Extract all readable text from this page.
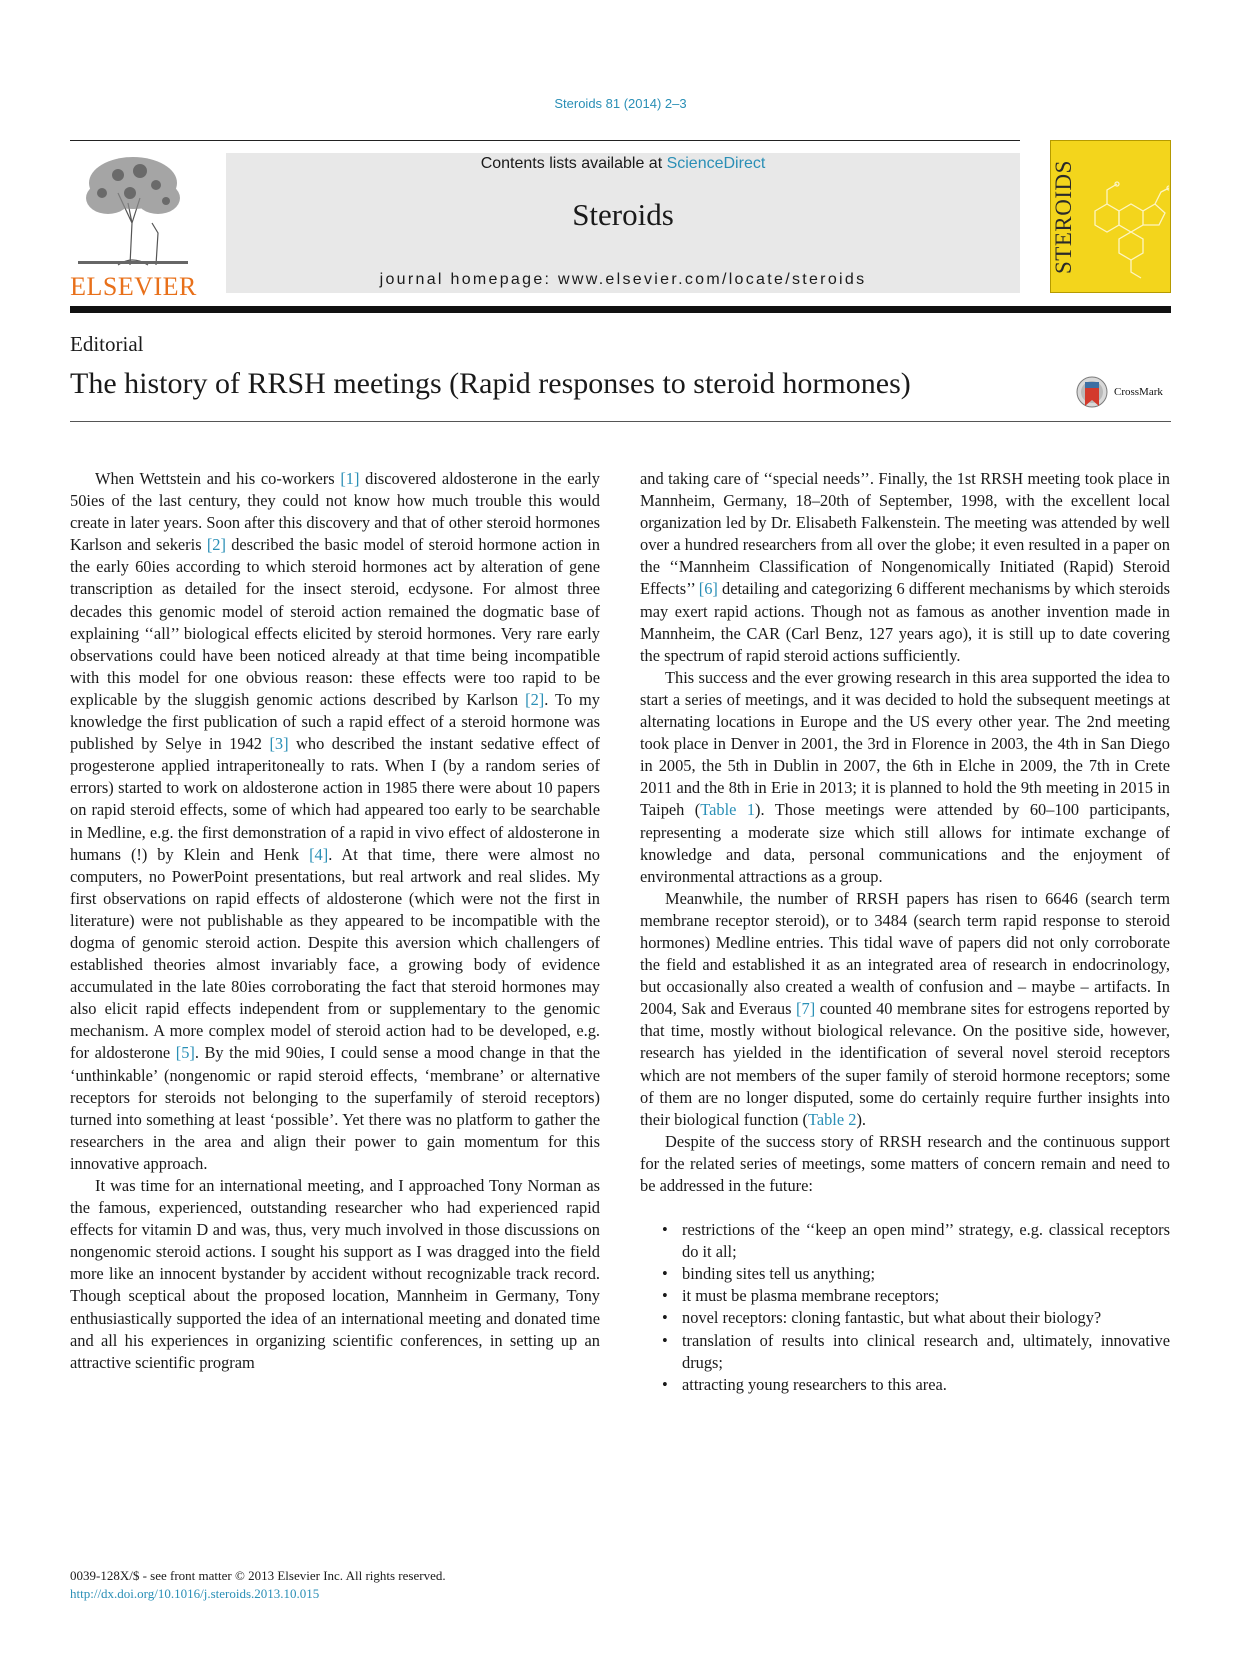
Steroids 81 (2014) 2–3
ELSEVIER
Contents lists available at ScienceDirect
Steroids
journal homepage: www.elsevier.com/locate/steroids
STEROIDS
Editorial
The history of RRSH meetings (Rapid responses to steroid hormones)	CrossMark

When Wettstein and his co-workers [1] discovered aldosterone in the early 50ies of the last century, they could not know how much trouble this would create in later years. Soon after this discovery and that of other steroid hormones Karlson and sekeris [2] described the basic model of steroid hormone action in the early 60ies according to which steroid hormones act by alteration of gene transcription as detailed for the insect steroid, ecdysone. For almost three decades this genomic model of steroid action remained the dogmatic base of explaining ‘‘all’’ biological effects elicited by steroid hormones. Very rare early observations could have been noticed already at that time being incompatible with this model for one obvious reason: these effects were too rapid to be explicable by the sluggish genomic actions described by Karlson [2]. To my knowledge the first publication of such a rapid effect of a steroid hormone was published by Selye in 1942 [3] who described the instant sedative effect of progesterone applied intraperitoneally to rats. When I (by a random series of errors) started to work on aldosterone action in 1985 there were about 10 papers on rapid steroid effects, some of which had appeared too early to be searchable in Medline, e.g. the first demonstration of a rapid in vivo effect of aldosterone in humans (!) by Klein and Henk [4]. At that time, there were almost no computers, no PowerPoint presentations, but real artwork and real slides. My first observations on rapid effects of aldosterone (which were not the first in literature) were not publishable as they appeared to be incompatible with the dogma of genomic steroid action. Despite this aversion which challengers of established theories almost invariably face, a growing body of evidence accumulated in the late 80ies corroborating the fact that steroid hormones may also elicit rapid effects independent from or supplementary to the genomic mechanism. A more complex model of steroid action had to be developed, e.g. for aldosterone [5]. By the mid 90ies, I could sense a mood change in that the ‘unthinkable’ (nongenomic or rapid steroid effects, ‘membrane’ or alternative receptors for steroids not belonging to the superfamily of steroid receptors) turned into something at least ‘possible’. Yet there was no platform to gather the researchers in the area and align their power to gain momentum for this innovative approach.

It was time for an international meeting, and I approached Tony Norman as the famous, experienced, outstanding researcher who had experienced rapid effects for vitamin D and was, thus, very much involved in those discussions on nongenomic steroid actions. I sought his support as I was dragged into the field more like an innocent bystander by accident without recognizable track record. Though sceptical about the proposed location, Mannheim in Germany, Tony enthusiastically supported the idea of an international meeting and donated time and all his experiences in organizing scientific conferences, in setting up an attractive scientific program

and taking care of ‘‘special needs’’. Finally, the 1st RRSH meeting took place in Mannheim, Germany, 18–20th of September, 1998, with the excellent local organization led by Dr. Elisabeth Falkenstein. The meeting was attended by well over a hundred researchers from all over the globe; it even resulted in a paper on the ‘‘Mannheim Classification of Nongenomically Initiated (Rapid) Steroid Effects’’ [6] detailing and categorizing 6 different mechanisms by which steroids may exert rapid actions. Though not as famous as another invention made in Mannheim, the CAR (Carl Benz, 127 years ago), it is still up to date covering the spectrum of rapid steroid actions sufficiently.

This success and the ever growing research in this area supported the idea to start a series of meetings, and it was decided to hold the subsequent meetings at alternating locations in Europe and the US every other year. The 2nd meeting took place in Denver in 2001, the 3rd in Florence in 2003, the 4th in San Diego in 2005, the 5th in Dublin in 2007, the 6th in Elche in 2009, the 7th in Crete 2011 and the 8th in Erie in 2013; it is planned to hold the 9th meeting in 2015 in Taipeh (Table 1). Those meetings were attended by 60–100 participants, representing a moderate size which still allows for intimate exchange of knowledge and data, personal communications and the enjoyment of environmental attractions as a group.

Meanwhile, the number of RRSH papers has risen to 6646 (search term membrane receptor steroid), or to 3484 (search term rapid response to steroid hormones) Medline entries. This tidal wave of papers did not only corroborate the field and established it as an integrated area of research in endocrinology, but occasionally also created a wealth of confusion and – maybe – artifacts. In 2004, Sak and Everaus [7] counted 40 membrane sites for estrogens reported by that time, mostly without biological relevance. On the positive side, however, research has yielded in the identification of several novel steroid receptors which are not members of the super family of steroid hormone receptors; some of them are no longer disputed, some do certainly require further insights into their biological function (Table 2).

Despite of the success story of RRSH research and the continuous support for the related series of meetings, some matters of concern remain and need to be addressed in the future:

• restrictions of the ‘‘keep an open mind’’ strategy, e.g. classical receptors do it all;
• binding sites tell us anything;
• it must be plasma membrane receptors;
• novel receptors: cloning fantastic, but what about their biology?
• translation of results into clinical research and, ultimately, innovative drugs;
• attracting young researchers to this area.
0039-128X/$ - see front matter © 2013 Elsevier Inc. All rights reserved.
http://dx.doi.org/10.1016/j.steroids.2013.10.015
